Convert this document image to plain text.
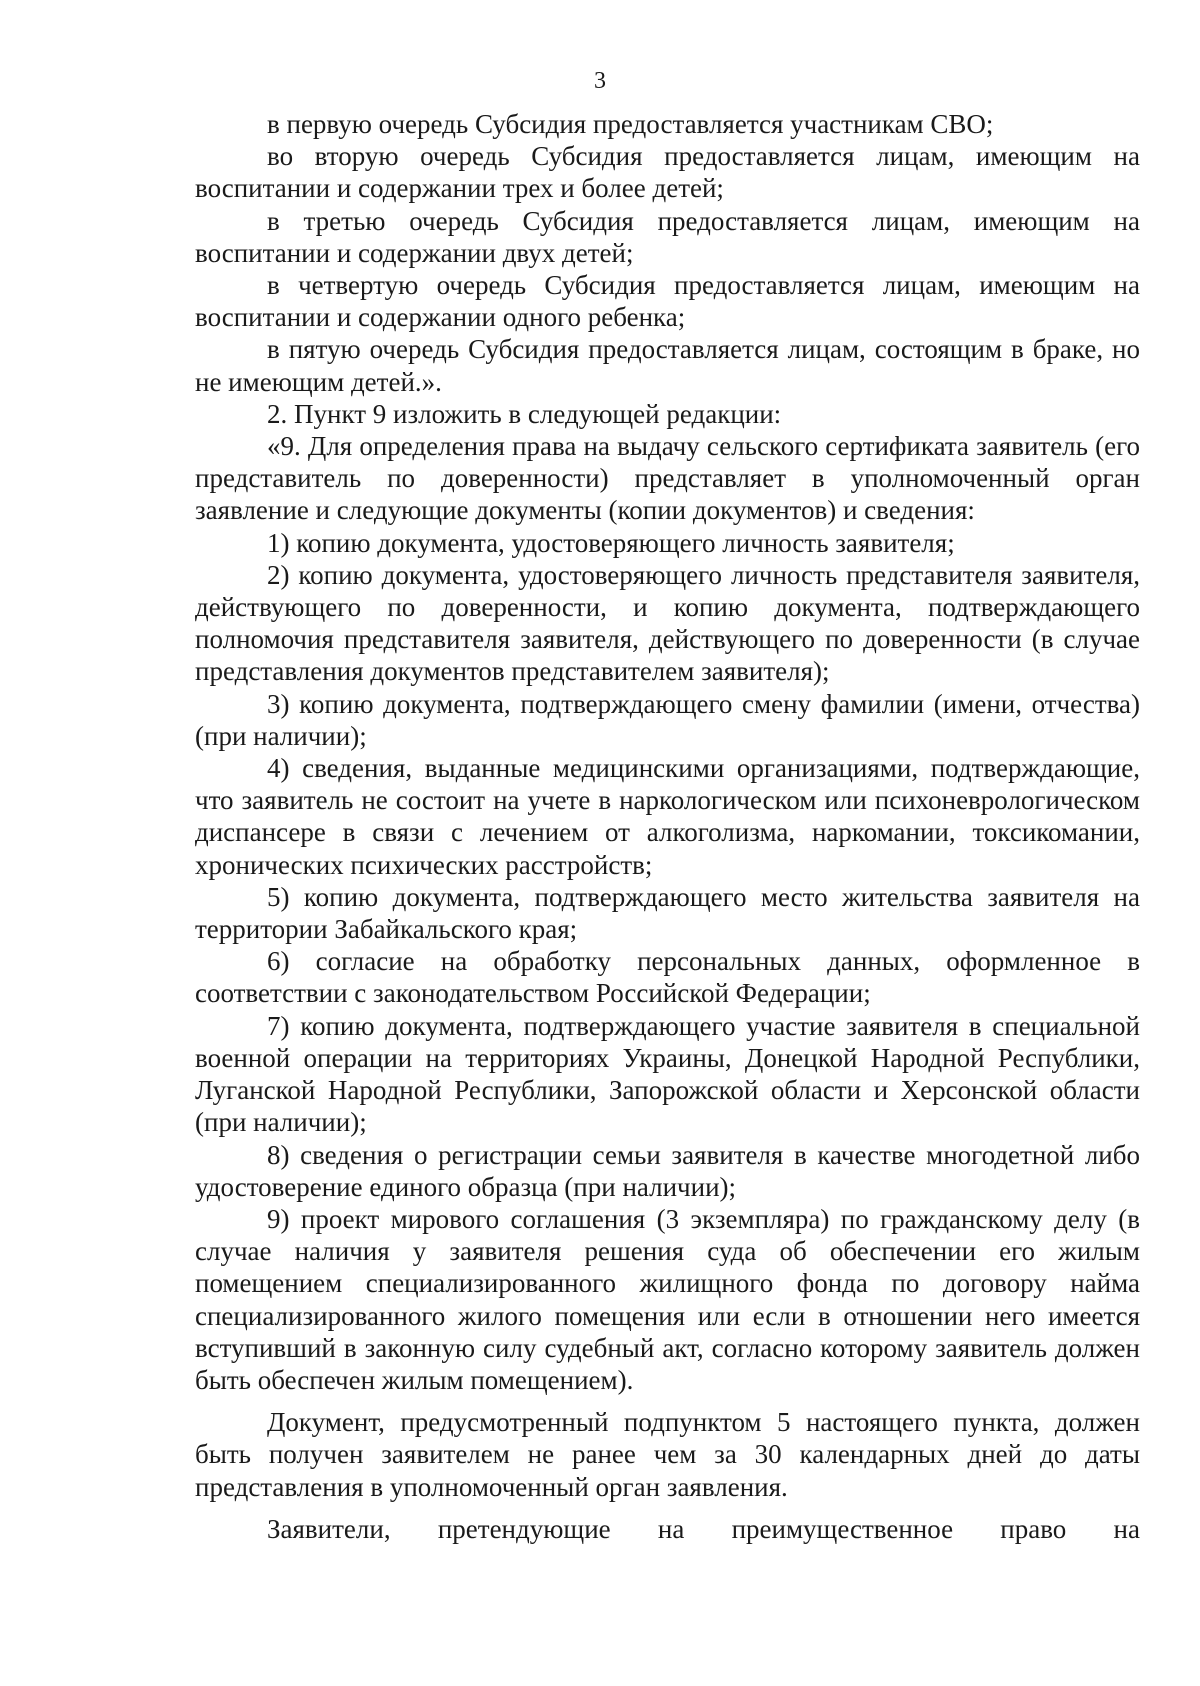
3

в первую очередь Субсидия предоставляется участникам СВО;

во вторую очередь Субсидия предоставляется лицам, имеющим на воспитании и содержании трех и более детей;

в третью очередь Субсидия предоставляется лицам, имеющим на воспитании и содержании двух детей;

в четвертую очередь Субсидия предоставляется лицам, имеющим на воспитании и содержании одного ребенка;

в пятую очередь Субсидия предоставляется лицам, состоящим в браке, но не имеющим детей.».

2. Пункт 9 изложить в следующей редакции:

«9. Для определения права на выдачу сельского сертификата заявитель (его представитель по доверенности) представляет в уполномоченный орган заявление и следующие документы (копии документов) и сведения:

1) копию документа, удостоверяющего личность заявителя;

2) копию документа, удостоверяющего личность представителя заявителя, действующего по доверенности, и копию документа, подтверждающего полномочия представителя заявителя, действующего по доверенности (в случае представления документов представителем заявителя);

3) копию документа, подтверждающего смену фамилии (имени, отчества) (при наличии);

4) сведения, выданные медицинскими организациями, подтверждающие, что заявитель не состоит на учете в наркологическом или психоневрологическом диспансере в связи с лечением от алкоголизма, наркомании, токсикомании, хронических психических расстройств;

5) копию документа, подтверждающего место жительства заявителя на территории Забайкальского края;

6) согласие на обработку персональных данных, оформленное в соответствии с законодательством Российской Федерации;

7) копию документа, подтверждающего участие заявителя в специальной военной операции на территориях Украины, Донецкой Народной Республики, Луганской Народной Республики, Запорожской области и Херсонской области (при наличии);

8) сведения о регистрации семьи заявителя в качестве многодетной либо удостоверение единого образца (при наличии);

9) проект мирового соглашения (3 экземпляра) по гражданскому делу (в случае наличия у заявителя решения суда об обеспечении его жилым помещением специализированного жилищного фонда по договору найма специализированного жилого помещения или если в отношении него имеется вступивший в законную силу судебный акт, согласно которому заявитель должен быть обеспечен жилым помещением).

Документ, предусмотренный подпунктом 5 настоящего пункта, должен быть получен заявителем не ранее чем за 30 календарных дней до даты представления в уполномоченный орган заявления.

Заявители, претендующие на преимущественное право на
